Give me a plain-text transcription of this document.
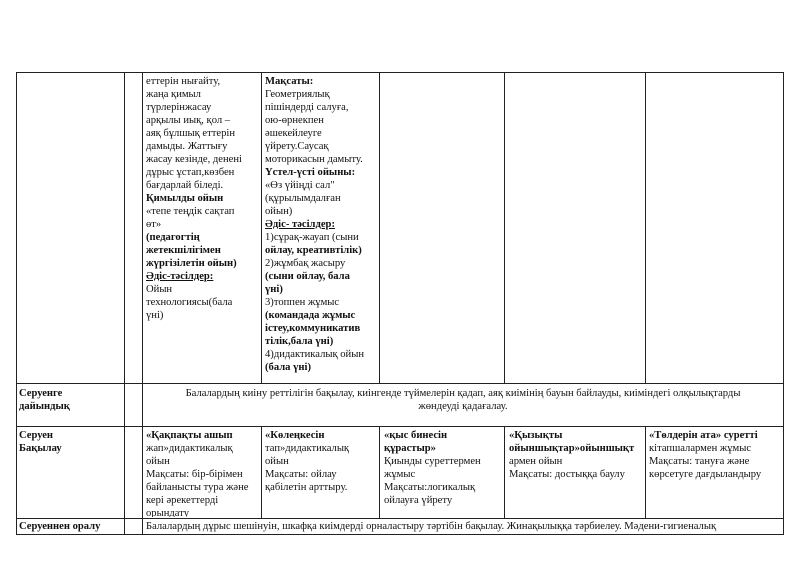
еттерін нығайту,
жаңа қимыл
түрлерінжасау
арқылы иық, қол –
аяқ бұлшық еттерін
дамыды. Жаттығу
жасау кезінде, денені
дұрыс ұстап,көзбен
бағдарлай біледі.
Қимылды ойын
«тепе теңдік сақтап
өт»
(педагогтің
жетекшілігімен
жүргізілетін ойын)
Әдіс-тәсілдер:
Ойын
технологиясы(бала
үні)
Мақсаты:
Геометриялық
пішіндерді салуға,
ою-өрнекпен
әшекейлеуге
үйрету.Саусақ
моторикасын дамыту.
Үстел-үсті ойыны:
«Өз үйіңді сал"
(құрылымдалған
ойын)
Әдіс- тәсілдер:
1)сұрақ-жауап (сыни
ойлау, креативтілік)
2)жұмбақ жасыру
(сыни ойлау, бала
үні)
3)топпен жұмыс
(командада жұмыс
істеу,коммуникатив
тілік,бала үні)
4)дидактикалық ойын
(бала үні)
Серуенге
дайындық
Балалардың киіну реттілігін бақылау, киінгенде түймелерін қадап, аяқ киімінің бауын байлауды, киіміндегі олқылықтарды
жөндеуді қадағалау.
Серуен
Бақылау
«Қақпақты ашып
жап»дидактикалық
ойын
Мақсаты: бір-бірімен
байланысты тура және
кері әрекеттерді
орындату
«Көлеңкесін
тап»дидактикалық
ойын
Мақсаты: ойлау
қабілетін арттыру.
«қыс бинесін
құрастыр»
Қиынды суреттермен
жұмыс
Мақсаты:логикалық
ойлауға үйрету
«Қызықты
ойыншықтар»ойыншықт
армен ойын
Мақсаты: достыққа баулу
«Төлдерін ата» суретті
кітапшалармен жұмыс
Мақсаты: тануға және
көрсетуге дағдыландыру
Серуеннен оралу	Балалардың дұрыс шешінуін, шкафқа киімдерді орналастыру тәртібін бақылау. Жинақылыққа тәрбиелеу. Мәдени-гигиеналық
